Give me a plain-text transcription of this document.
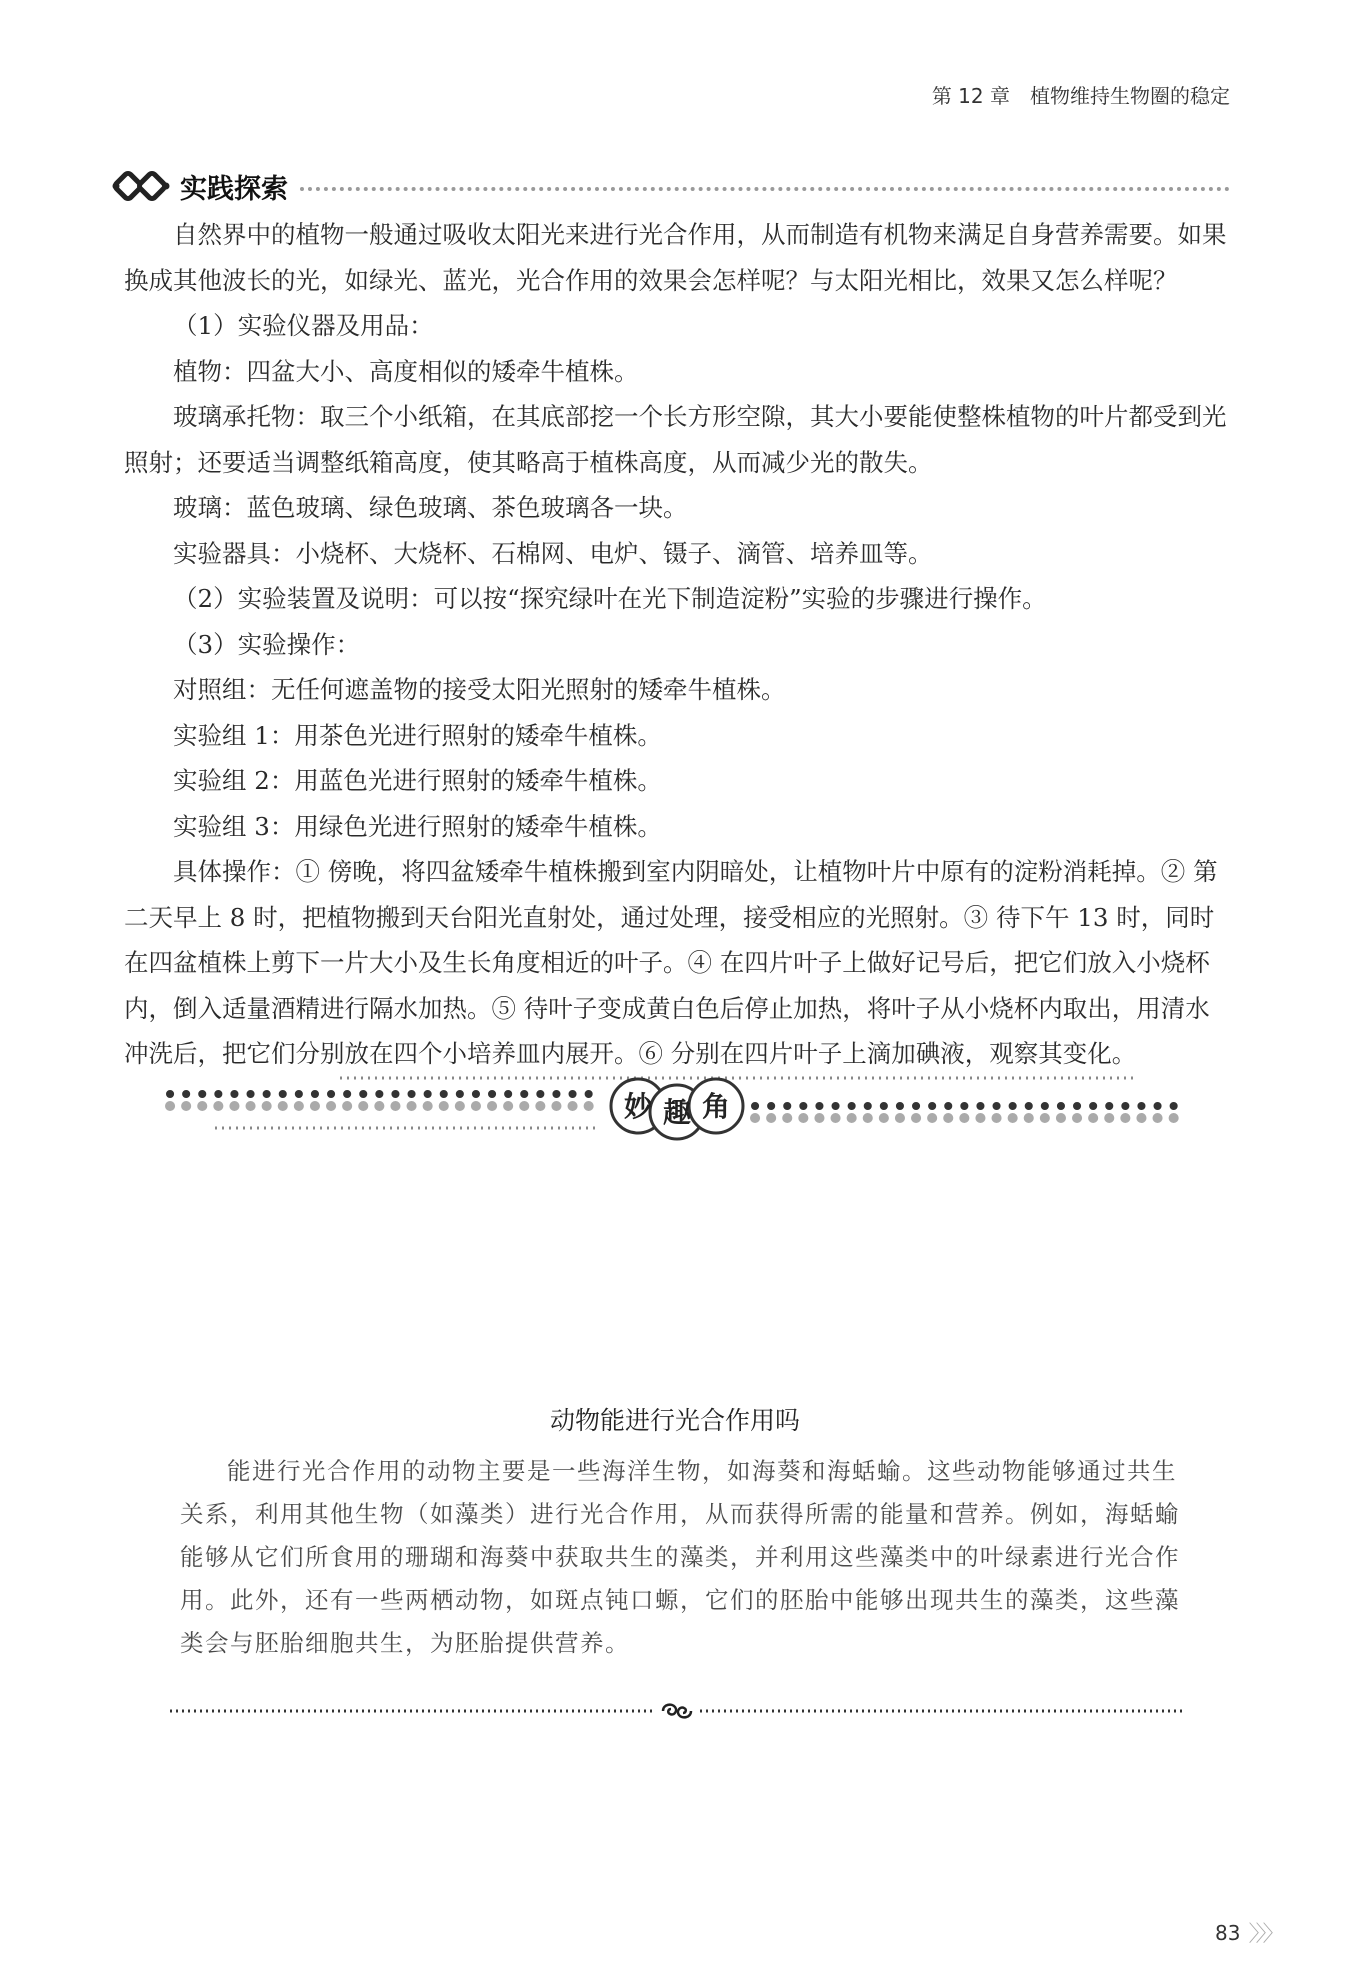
第 12 章　植物维持生物圈的稳定
实践探索

自然界中的植物一般通过吸收太阳光来进行光合作用，从而制造有机物来满足自身营养需要。如果换成其他波长的光，如绿光、蓝光，光合作用的效果会怎样呢？与太阳光相比，效果又怎么样呢？

（1）实验仪器及用品：

植物：四盆大小、高度相似的矮牵牛植株。

玻璃承托物：取三个小纸箱，在其底部挖一个长方形空隙，其大小要能使整株植物的叶片都受到光照射；还要适当调整纸箱高度，使其略高于植株高度，从而减少光的散失。

玻璃：蓝色玻璃、绿色玻璃、茶色玻璃各一块。

实验器具：小烧杯、大烧杯、石棉网、电炉、镊子、滴管、培养皿等。

（2）实验装置及说明：可以按“探究绿叶在光下制造淀粉”实验的步骤进行操作。

（3）实验操作：

对照组：无任何遮盖物的接受太阳光照射的矮牵牛植株。

实验组 1：用茶色光进行照射的矮牵牛植株。

实验组 2：用蓝色光进行照射的矮牵牛植株。

实验组 3：用绿色光进行照射的矮牵牛植株。

具体操作：① 傍晚，将四盆矮牵牛植株搬到室内阴暗处，让植物叶片中原有的淀粉消耗掉。② 第二天早上 8 时，把植物搬到天台阳光直射处，通过处理，接受相应的光照射。③ 待下午 13 时，同时在四盆植株上剪下一片大小及生长角度相近的叶子。④ 在四片叶子上做好记号后，把它们放入小烧杯内，倒入适量酒精进行隔水加热。⑤ 待叶子变成黄白色后停止加热，将叶子从小烧杯内取出，用清水冲洗后，把它们分别放在四个小培养皿内展开。⑥ 分别在四片叶子上滴加碘液，观察其变化。

妙 趣 角
动物能进行光合作用吗

能进行光合作用的动物主要是一些海洋生物，如海葵和海蛞蝓。这些动物能够通过共生关系，利用其他生物（如藻类）进行光合作用，从而获得所需的能量和营养。例如，海蛞蝓能够从它们所食用的珊瑚和海葵中获取共生的藻类，并利用这些藻类中的叶绿素进行光合作用。此外，还有一些两栖动物，如斑点钝口螈，它们的胚胎中能够出现共生的藻类，这些藻类会与胚胎细胞共生，为胚胎提供营养。

83 〉〉〉
